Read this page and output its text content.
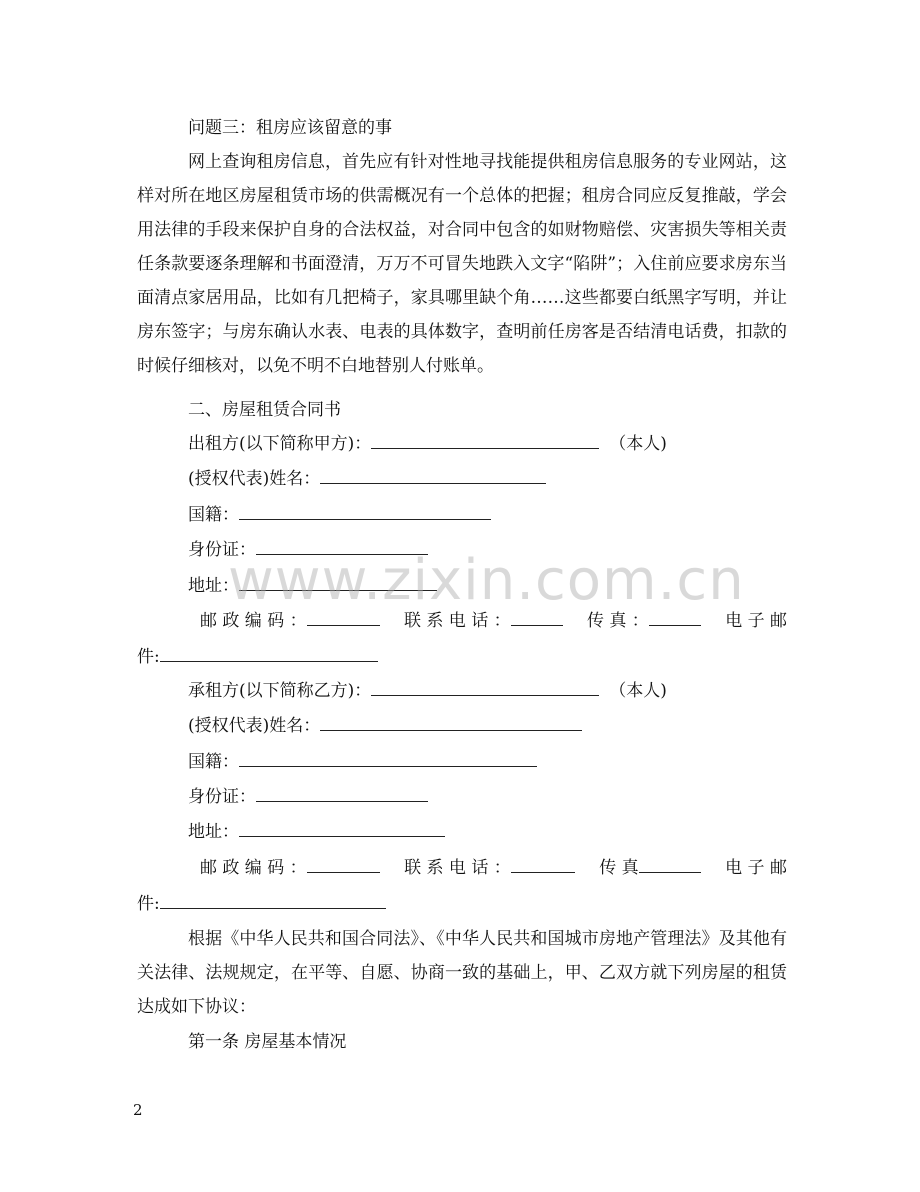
问题三：租房应该留意的事

网上查询租房信息，首先应有针对性地寻找能提供租房信息服务的专业网站，这样对所在地区房屋租赁市场的供需概况有一个总体的把握；租房合同应反复推敲，学会用法律的手段来保护自身的合法权益，对合同中包含的如财物赔偿、灾害损失等相关责任条款要逐条理解和书面澄清，万万不可冒失地跌入文字“陷阱”；入住前应要求房东当面清点家居用品，比如有几把椅子，家具哪里缺个角……这些都要白纸黑字写明，并让房东签字；与房东确认水表、电表的具体数字，查明前任房客是否结清电话费，扣款的时候仔细核对，以免不明不白地替别人付账单。

二、房屋租赁合同书
出租方(以下简称甲方)：	（本人)
(授权代表)姓名：
国籍：
身份证：
地址：
邮 政 编 码 ：	联 系 电 话 ：	传 真 ：	电 子 邮
件:
承租方(以下简称乙方)：	（本人)
(授权代表)姓名：
国籍：
身份证：
地址：
邮 政 编 码 ：	联 系 电 话 ：	传 真	电 子 邮
件:

根据《中华人民共和国合同法》、《中华人民共和国城市房地产管理法》及其他有关法律、法规规定，在平等、自愿、协商一致的基础上，甲、乙双方就下列房屋的租赁达成如下协议：

第一条 房屋基本情况
www.zixin.com.cn
2
